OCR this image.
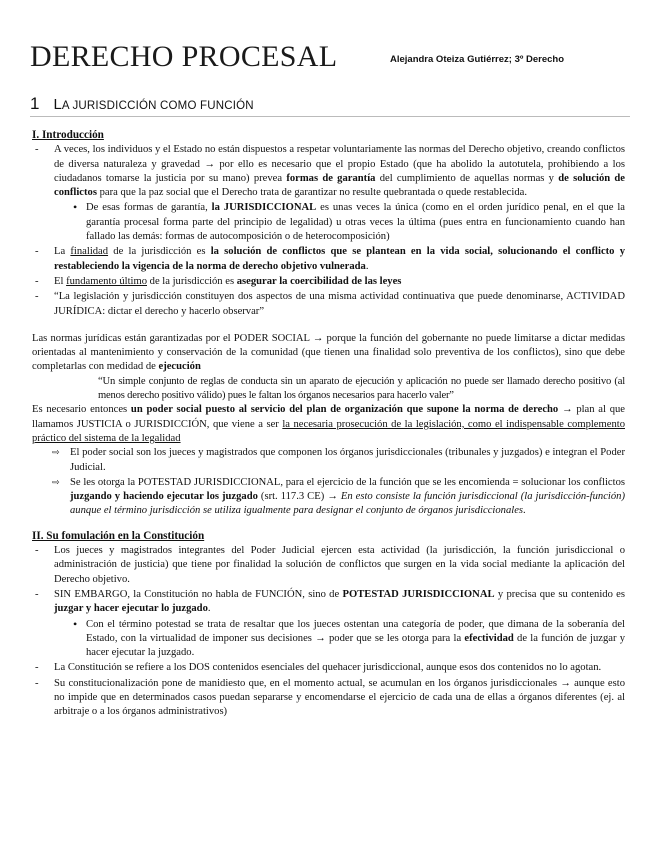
DERECHO PROCESAL	Alejandra Oteiza Gutiérrez; 3º Derecho
1 LA JURISDICCIÓN COMO FUNCIÓN
I. Introducción
- A veces, los individuos y el Estado no están dispuestos a respetar voluntariamente las normas del Derecho objetivo, creando conflictos de diversa naturaleza y gravedad → por ello es necesario que el propio Estado (que ha abolido la autotutela, prohibiendo a los ciudadanos tomarse la justicia por su mano) prevea formas de garantía del cumplimiento de aquellas normas y de solución de conflictos para que la paz social que el Derecho trata de garantizar no resulte quebrantada o quede restablecida.
• De esas formas de garantía, la JURISDICCIONAL es unas veces la única (como en el orden jurídico penal, en el que la garantía procesal forma parte del principio de legalidad) u otras veces la última (pues entra en funcionamiento cuando han fallado las demás: formas de autocomposición o de heterocomposición)
- La finalidad de la jurisdicción es la solución de conflictos que se plantean en la vida social, solucionando el conflicto y restableciendo la vigencia de la norma de derecho objetivo vulnerada.
- El fundamento último de la jurisdicción es asegurar la coercibilidad de las leyes
- “La legislación y jurisdicción constituyen dos aspectos de una misma actividad continuativa que puede denominarse, ACTIVIDAD JURÍDICA: dictar el derecho y hacerlo observar”

Las normas jurídicas están garantizadas por el PODER SOCIAL → porque la función del gobernante no puede limitarse a dictar medidas orientadas al mantenimiento y conservación de la comunidad (que tienen una finalidad solo preventiva de los conflictos), sino que debe completarlas con medidad de ejecución

“Un simple conjunto de reglas de conducta sin un aparato de ejecución y aplicación no puede ser llamado derecho positivo (al menos derecho positivo válido) pues le faltan los órganos necesarios para hacerlo valer”

Es necesario entonces un poder social puesto al servicio del plan de organización que supone la norma de derecho → plan al que llamamos JUSTICIA o JURISDICCIÓN, que viene a ser la necesaria prosecución de la legislación, como el indispensable complemento práctico del sistema de la legalidad

⇨ El poder social son los jueces y magistrados que componen los órganos jurisdiccionales (tribunales y juzgados) e integran el Poder Judicial.
⇨ Se les otorga la POTESTAD JURISDICCIONAL, para el ejercicio de la función que se les encomienda = solucionar los conflictos juzgando y haciendo ejecutar los juzgado (srt. 117.3 CE) → En esto consiste la función jurisdiccional (la jurisdicción-función) aunque el término jurisdicción se utiliza igualmente para designar el conjunto de órganos jurisdiccionales.
II. Su fomulación en la Constitución
- Los jueces y magistrados integrantes del Poder Judicial ejercen esta actividad (la jurisdicción, la función jurisdiccional o administración de justicia) que tiene por finalidad la solución de conflictos que surgen en la vida social mediante la aplicación del Derecho objetivo.
- SIN EMBARGO, la Constitución no habla de FUNCIÓN, sino de POTESTAD JURISDICCIONAL y precisa que su contenido es juzgar y hacer ejecutar lo juzgado.
• Con el término potestad se trata de resaltar que los jueces ostentan una categoría de poder, que dimana de la soberanía del Estado, con la virtualidad de imponer sus decisiones → poder que se les otorga para la efectividad de la función de juzgar y hacer ejecutar la juzgado.
- La Constitución se refiere a los DOS contenidos esenciales del quehacer jurisdiccional, aunque esos dos contenidos no lo agotan.
- Su constitucionalización pone de manidiesto que, en el momento actual, se acumulan en los órganos jurisdiccionales → aunque esto no impide que en determinados casos puedan separarse y encomendarse el ejercicio de cada una de ellas a órganos diferentes (ej. al arbitraje o a los órganos administrativos)
